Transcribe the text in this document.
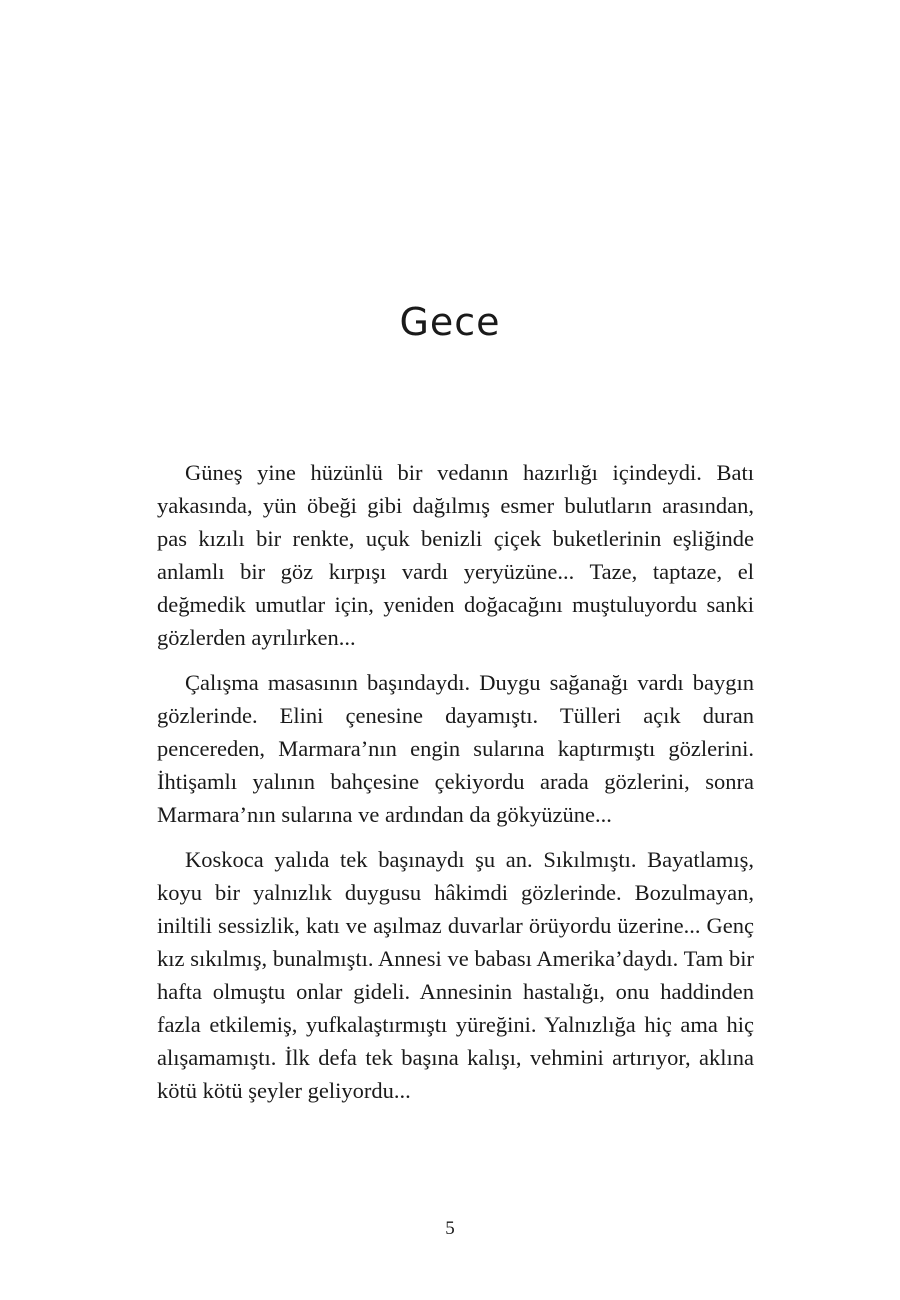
Gece

Güneş yine hüzünlü bir vedanın hazırlığı içindeydi. Batı yakasında, yün öbeği gibi dağılmış esmer bulutların arasından, pas kızılı bir renkte, uçuk benizli çiçek buketlerinin eşliğinde anlamlı bir göz kırpışı vardı yeryüzüne... Taze, taptaze, el değmedik umutlar için, yeniden doğacağını muştuluyordu sanki gözlerden ayrılırken...

Çalışma masasının başındaydı. Duygu sağanağı vardı baygın gözlerinde. Elini çenesine dayamıştı. Tülleri açık duran pencereden, Marmara’nın engin sularına kaptırmıştı gözlerini. İhtişamlı yalının bahçesine çekiyordu arada gözlerini, sonra Marmara’nın sularına ve ardından da gökyüzüne...

Koskoca yalıda tek başınaydı şu an. Sıkılmıştı. Bayatlamış, koyu bir yalnızlık duygusu hâkimdi gözlerinde. Bozulmayan, iniltili sessizlik, katı ve aşılmaz duvarlar örüyordu üzerine... Genç kız sıkılmış, bunalmıştı. Annesi ve babası Amerika’daydı. Tam bir hafta olmuştu onlar gideli. Annesinin hastalığı, onu haddinden fazla etkilemiş, yufkalaştırmıştı yüreğini. Yalnızlığa hiç ama hiç alışamamıştı. İlk defa tek başına kalışı, vehmini artırıyor, aklına kötü kötü şeyler geliyordu...

5
